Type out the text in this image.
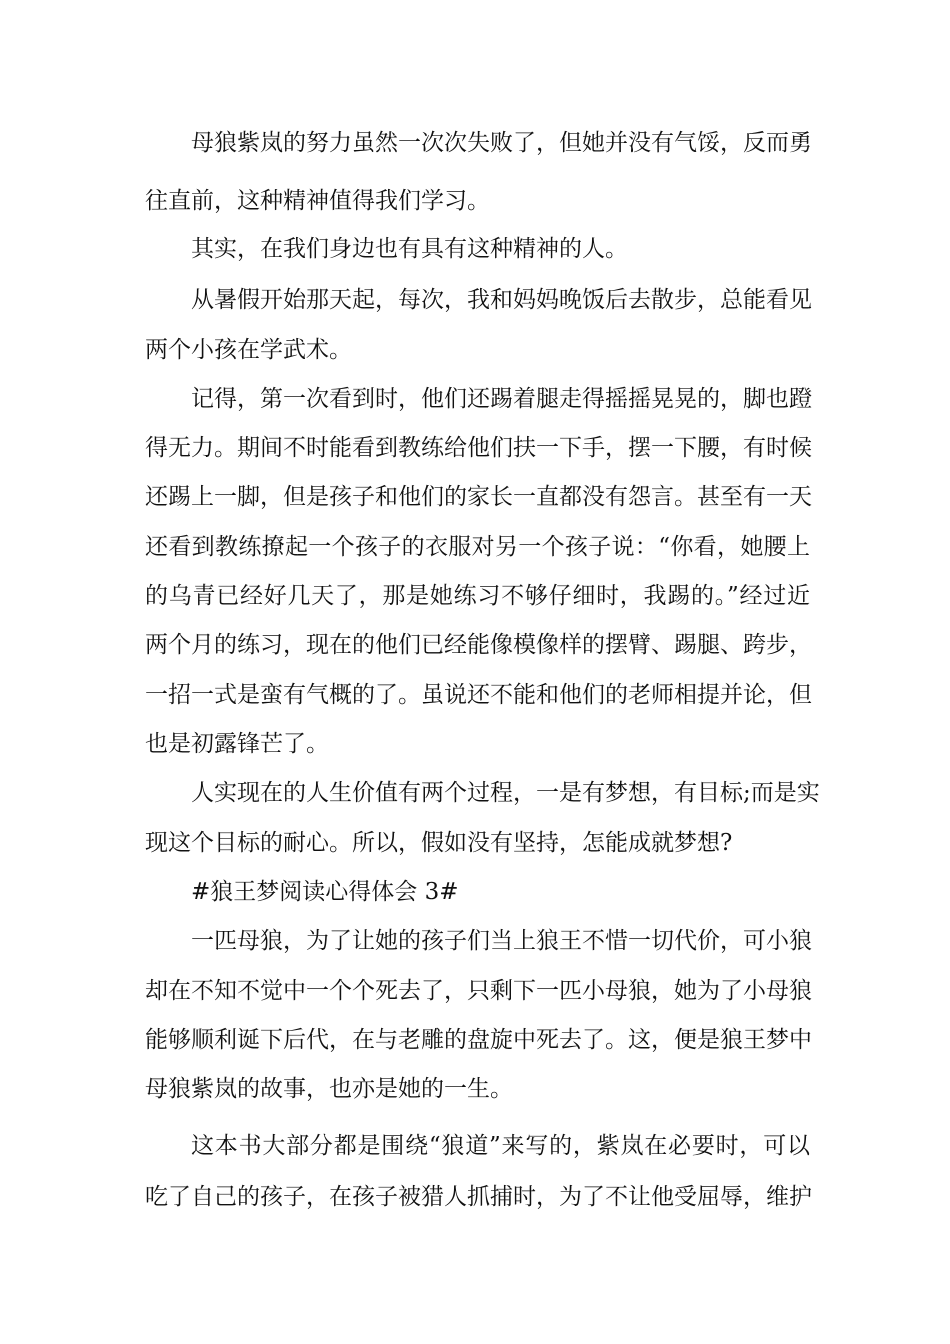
母狼紫岚的努力虽然一次次失败了，但她并没有气馁，反而勇
往直前，这种精神值得我们学习。
其实，在我们身边也有具有这种精神的人。
从暑假开始那天起，每次，我和妈妈晚饭后去散步，总能看见
两个小孩在学武术。
记得，第一次看到时，他们还踢着腿走得摇摇晃晃的，脚也蹬
得无力。期间不时能看到教练给他们扶一下手，摆一下腰，有时候
还踢上一脚，但是孩子和他们的家长一直都没有怨言。甚至有一天
还看到教练撩起一个孩子的衣服对另一个孩子说：“你看，她腰上
的乌青已经好几天了，那是她练习不够仔细时，我踢的。”经过近
两个月的练习，现在的他们已经能像模像样的摆臂、踢腿、跨步，
一招一式是蛮有气概的了。虽说还不能和他们的老师相提并论，但
也是初露锋芒了。
人实现在的人生价值有两个过程，一是有梦想，有目标;而是实
现这个目标的耐心。所以，假如没有坚持，怎能成就梦想?
#狼王梦阅读心得体会 3#
一匹母狼，为了让她的孩子们当上狼王不惜一切代价，可小狼
却在不知不觉中一个个死去了，只剩下一匹小母狼，她为了小母狼
能够顺利诞下后代，在与老雕的盘旋中死去了。这，便是狼王梦中
母狼紫岚的故事，也亦是她的一生。
这本书大部分都是围绕“狼道”来写的，紫岚在必要时，可以
吃了自己的孩子，在孩子被猎人抓捕时，为了不让他受屈辱，维护
